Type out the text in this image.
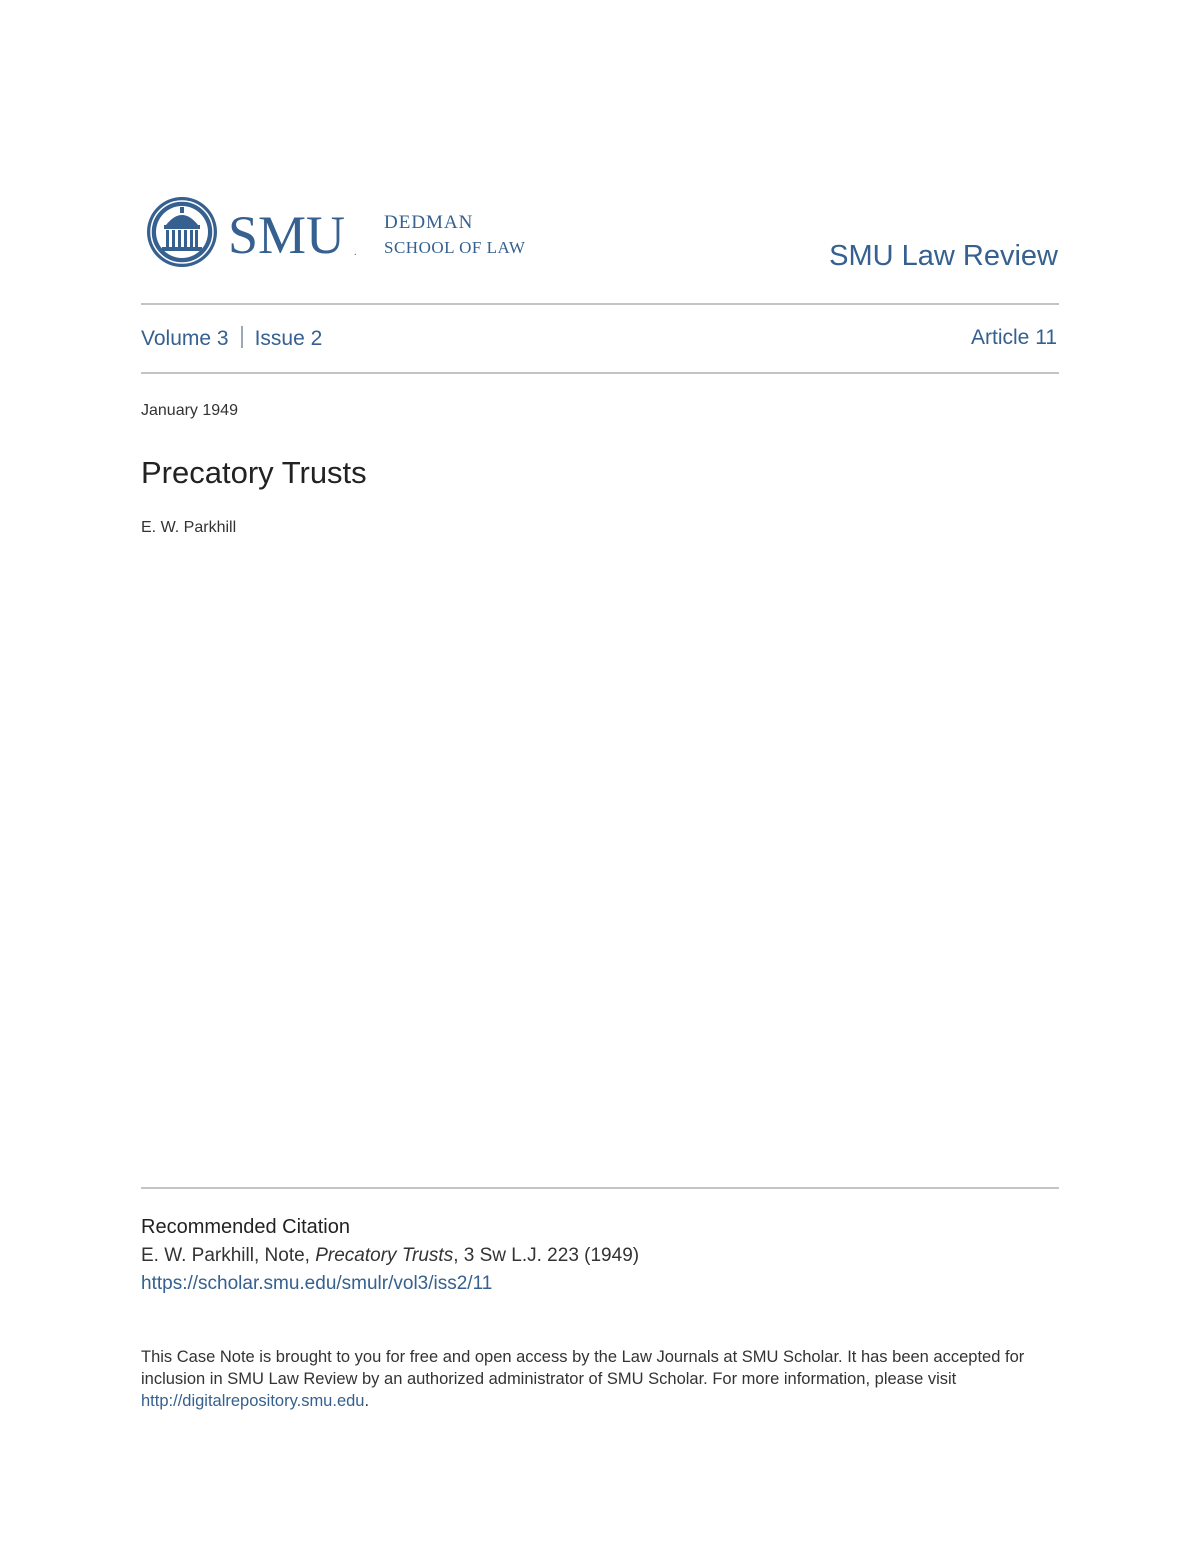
SMU .
DEDMAN
SCHOOL OF LAW	SMU Law Review
Volume 3 Issue 2	Article 11
January 1949
Precatory Trusts
E. W. Parkhill
Recommended Citation
E. W. Parkhill, Note, Precatory Trusts, 3 Sw L.J. 223 (1949)
https://scholar.smu.edu/smulr/vol3/iss2/11
This Case Note is brought to you for free and open access by the Law Journals at SMU Scholar. It has been accepted for inclusion in SMU Law Review by an authorized administrator of SMU Scholar. For more information, please visit http://digitalrepository.smu.edu.
